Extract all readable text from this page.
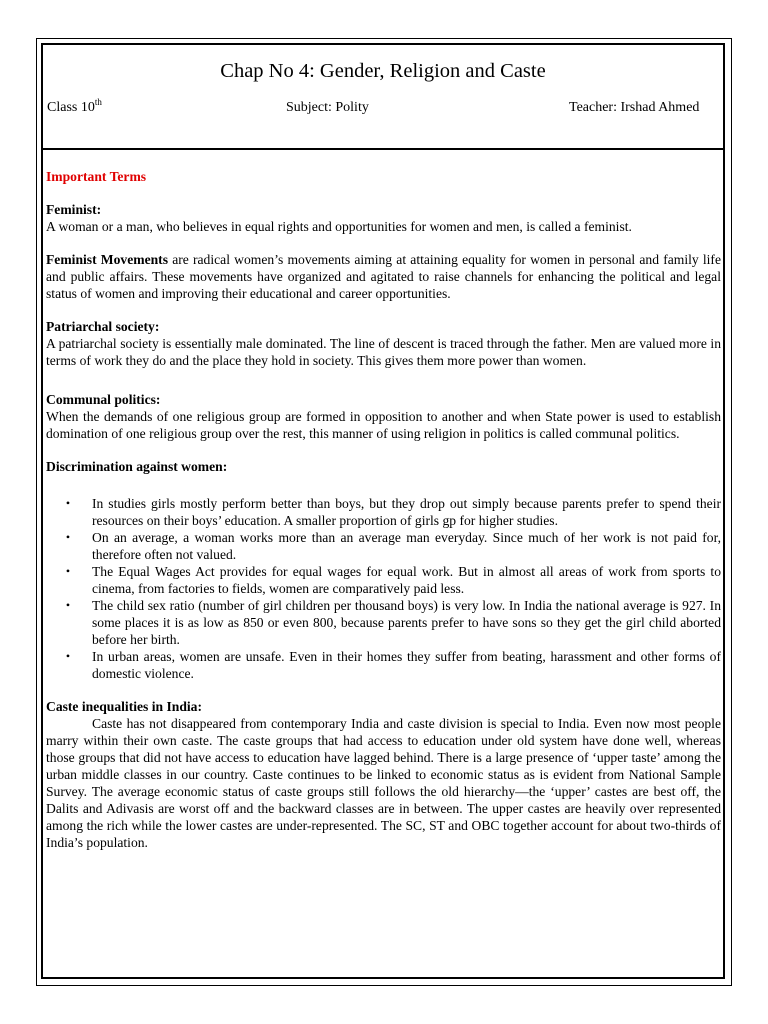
Chap No 4: Gender, Religion and Caste
Class 10th	Subject: Polity	Teacher: Irshad Ahmed

Important Terms

Feminist:

A woman or a man, who believes in equal rights and opportunities for women and men, is called a feminist.

Feminist Movements are radical women’s movements aiming at attaining equality for women in personal and family life and public affairs. These movements have organized and agitated to raise channels for enhancing the political and legal status of women and improving their educational and career opportunities.

Patriarchal society:

A patriarchal society is essentially male dominated. The line of descent is traced through the father. Men are valued more in terms of work they do and the place they hold in society. This gives them more power than women.

Communal politics:

When the demands of one religious group are formed in opposition to another and when State power is used to establish domination of one religious group over the rest, this manner of using religion in politics is called communal politics.

Discrimination against women:

• In studies girls mostly perform better than boys, but they drop out simply because parents prefer to spend their resources on their boys’ education. A smaller proportion of girls gp for higher studies.
• On an average, a woman works more than an average man everyday. Since much of her work is not paid for, therefore often not valued.
• The Equal Wages Act provides for equal wages for equal work. But in almost all areas of work from sports to cinema, from factories to fields, women are comparatively paid less.
• The child sex ratio (number of girl children per thousand boys) is very low. In India the national average is 927. In some places it is as low as 850 or even 800, because parents prefer to have sons so they get the girl child aborted before her birth.
• In urban areas, women are unsafe. Even in their homes they suffer from beating, harassment and other forms of domestic violence.

Caste inequalities in India:

Caste has not disappeared from contemporary India and caste division is special to India. Even now most people marry within their own caste. The caste groups that had access to education under old system have done well, whereas those groups that did not have access to education have lagged behind. There is a large presence of ‘upper taste’ among the urban middle classes in our country. Caste continues to be linked to economic status as is evident from National Sample Survey. The average economic status of caste groups still follows the old hierarchy—the ‘upper’ castes are best off, the Dalits and Adivasis are worst off and the backward classes are in between. The upper castes are heavily over represented among the rich while the lower castes are under-represented. The SC, ST and OBC together account for about two-thirds of India’s population.
